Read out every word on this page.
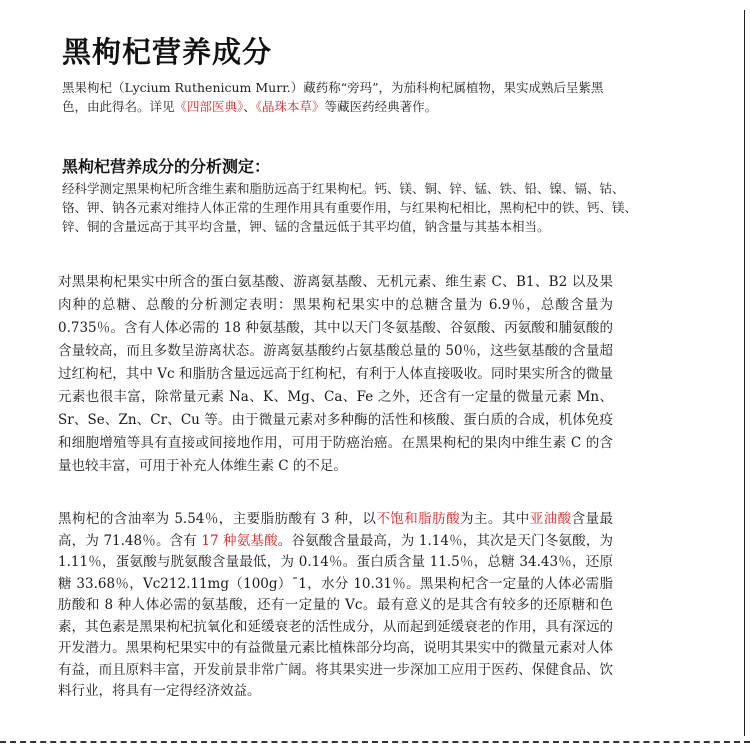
黑枸杞营养成分
黑果枸杞（Lycium Ruthenicum Murr.）藏药称“旁玛”，为茄科枸杞属植物，果实成熟后呈紫黑色，由此得名。详见《四部医典》、《晶珠本草》等藏医药经典著作。
黑枸杞营养成分的分析测定：
经科学测定黑果枸杞所含维生素和脂肪远高于红果枸杞。钙、镁、铜、锌、锰、铁、铅、镍、镉、钴、铬、钾、钠各元素对维持人体正常的生理作用具有重要作用，与红果枸杞相比，黑枸杞中的铁、钙、镁、锌、铜的含量远高于其平均含量，钾、锰的含量远低于其平均值，钠含量与其基本相当。
对黑果枸杞果实中所含的蛋白氨基酸、游离氨基酸、无机元素、维生素 C、B1、B2 以及果肉种的总糖、总酸的分析测定表明：黑果枸杞果实中的总糖含量为 6.9％，总酸含量为 0.735％。含有人体必需的 18 种氨基酸，其中以天门冬氨基酸、谷氨酸、丙氨酸和脯氨酸的含量较高，而且多数呈游离状态。游离氨基酸约占氨基酸总量的 50％，这些氨基酸的含量超过红枸杞，其中 Vc 和脂肪含量远远高于红枸杞，有利于人体直接吸收。同时果实所含的微量元素也很丰富，除常量元素 Na、K、Mg、Ca、Fe 之外，还含有一定量的微量元素 Mn、Sr、Se、Zn、Cr、Cu 等。由于微量元素对多种酶的活性和核酸、蛋白质的合成，机体免疫和细胞增殖等具有直接或间接地作用，可用于防癌治癌。在黑果枸杞的果肉中维生素 C 的含量也较丰富，可用于补充人体维生素 C 的不足。
黑枸杞的含油率为 5.54％，主要脂肪酸有 3 种，以不饱和脂肪酸为主。其中亚油酸含量最高，为 71.48％。含有 17 种氨基酸。谷氨酸含量最高，为 1.14％，其次是天门冬氨酸，为 1.11％，蛋氨酸与胱氨酸含量最低，为 0.14％。蛋白质含量 11.5％，总糖 34.43％，还原糖 33.68％，Vc212.11mg（100g）ˉ1，水分 10.31％。黑果枸杞含一定量的人体必需脂肪酸和 8 种人体必需的氨基酸，还有一定量的 Vc。最有意义的是其含有较多的还原糖和色素，其色素是黑果枸杞抗氧化和延缓衰老的活性成分，从而起到延缓衰老的作用，具有深远的开发潜力。黑果枸杞果实中的有益微量元素比植株部分均高，说明其果实中的微量元素对人体有益，而且原料丰富，开发前景非常广阔。将其果实进一步深加工应用于医药、保健食品、饮料行业，将具有一定得经济效益。
